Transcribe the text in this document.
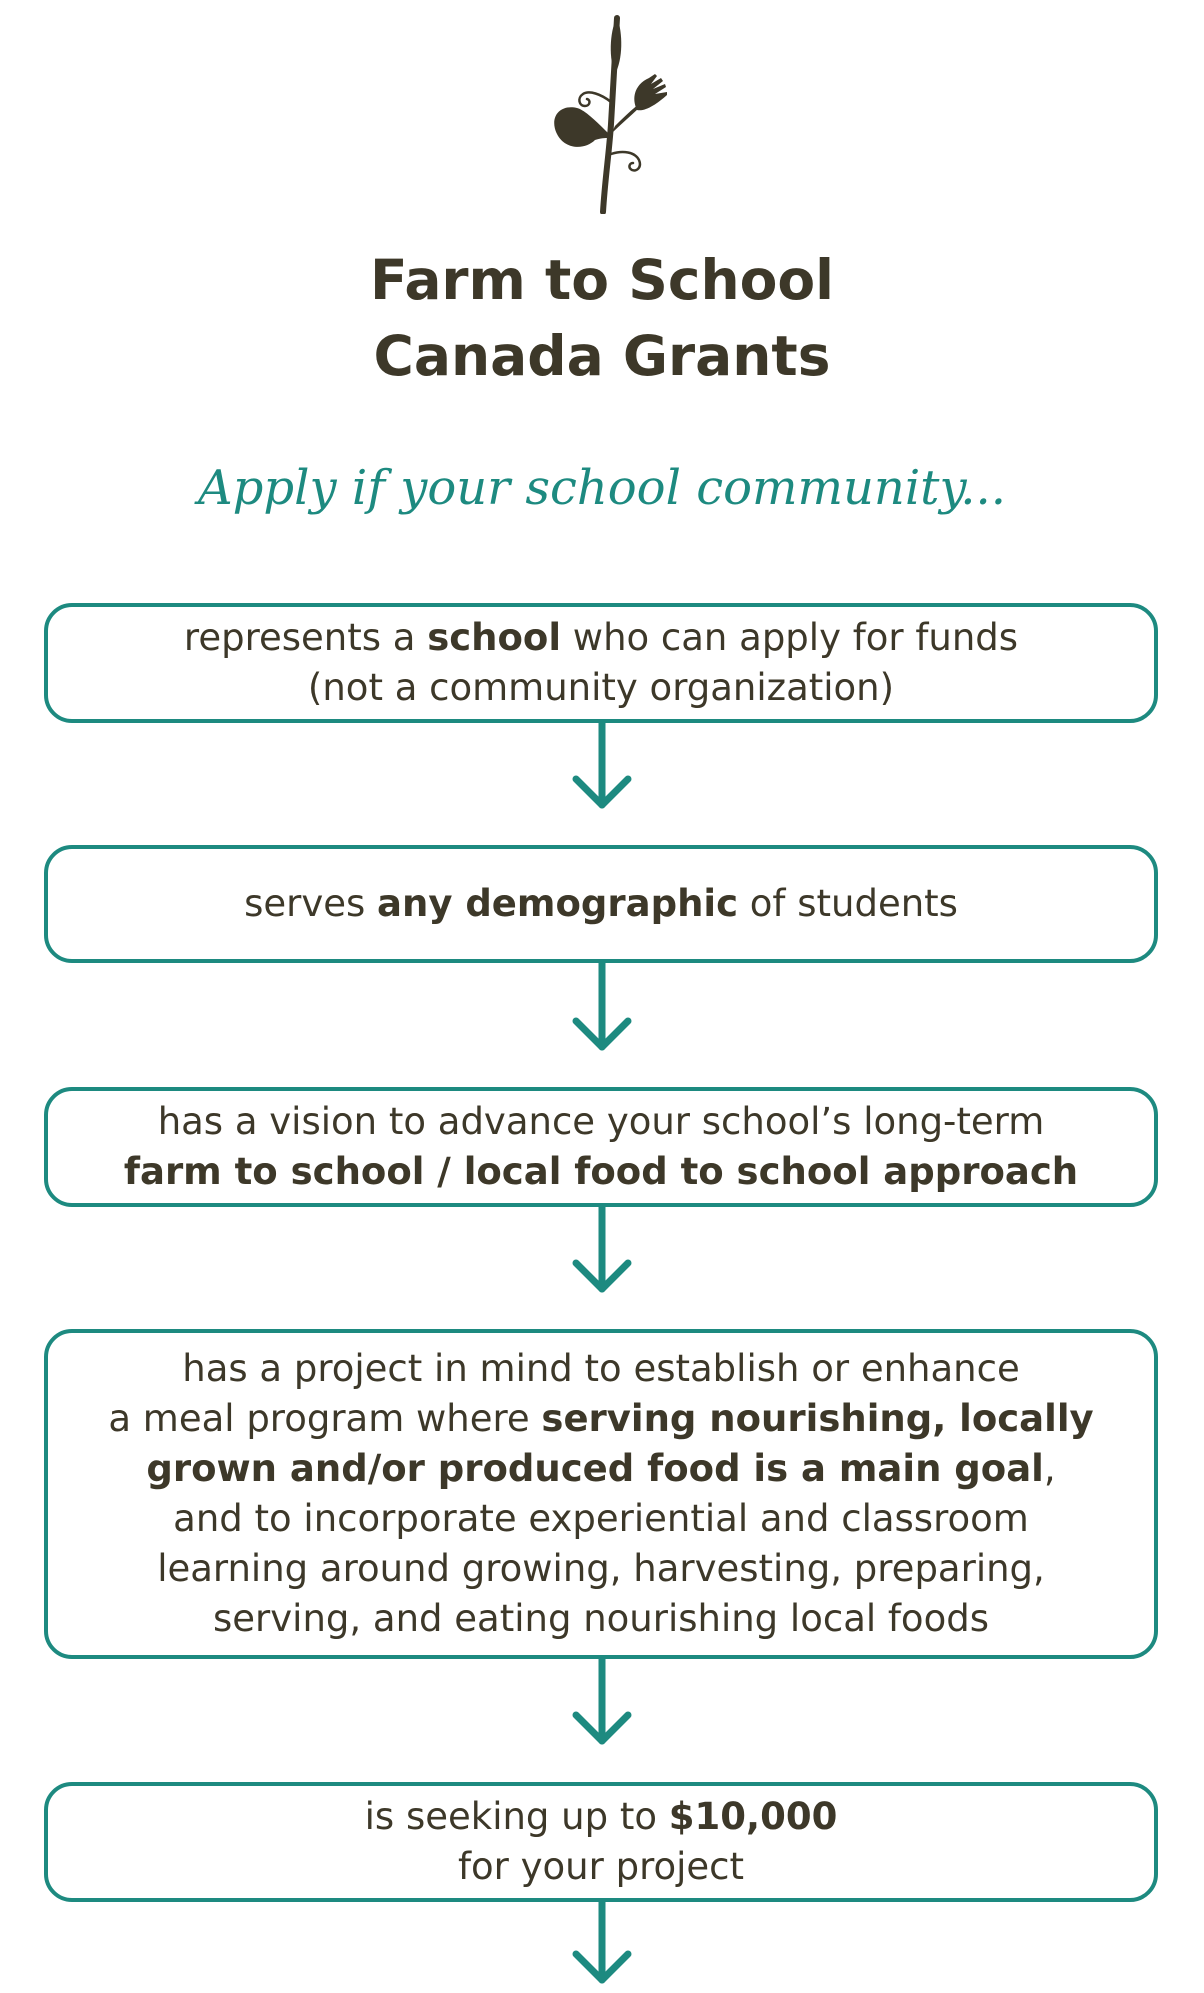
Farm to School
Canada Grants

Apply if your school community...

represents a school who can apply for funds
(not a community organization)

serves any demographic of students

has a vision to advance your school’s long-term
farm to school / local food to school approach

has a project in mind to establish or enhance
a meal program where serving nourishing, locally
grown and/or produced food is a main goal,
and to incorporate experiential and classroom
learning around growing, harvesting, preparing,
serving, and eating nourishing local foods

is seeking up to $10,000
for your project
